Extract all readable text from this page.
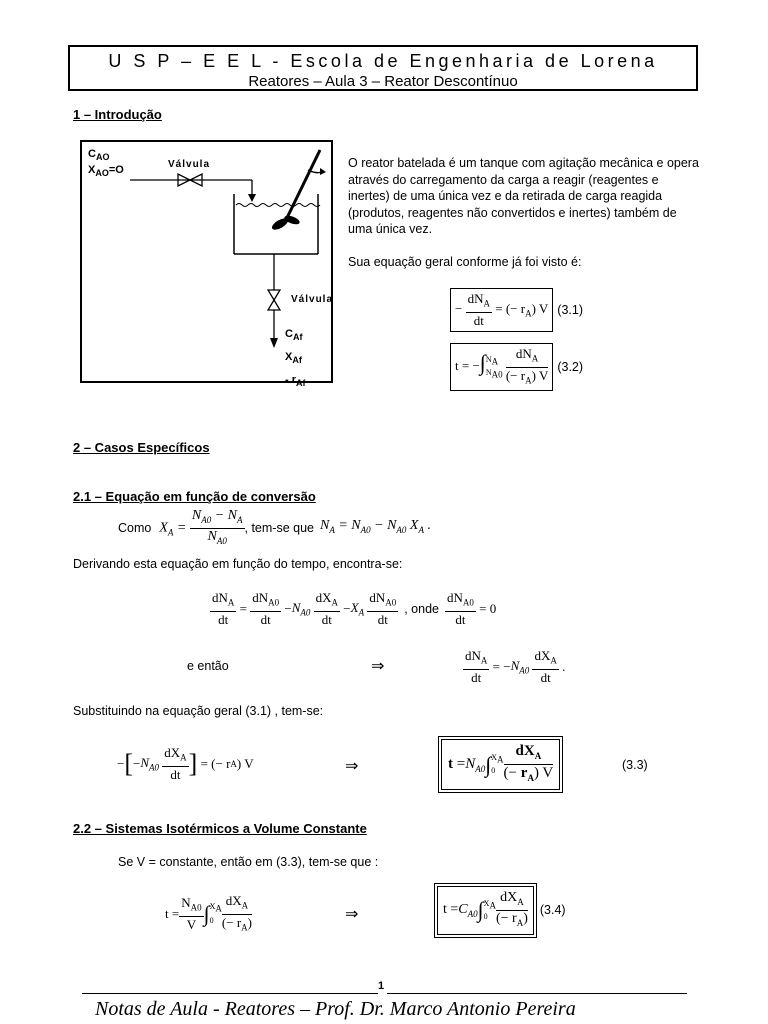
U S P – E E L - Escola de Engenharia de Lorena
Reatores – Aula 3 – Reator Descontínuo
1 – Introdução
$C_{AO}$
$X_{AO}=O$	Válvula
Válvula
$C_{Af}$
$X_{Af}$
- $r_{Af}$
O reator batelada é um tanque com agitação mecânica e opera através do carregamento da carga a reagir (reagentes e inertes) de uma única vez e da retirada de carga reagida (produtos, reagentes não convertidos e inertes) também de uma única vez.
Sua equação geral conforme já foi visto é:
− $\frac{dN_A}{dt}$ = (− $r_A$) V (3.1)
t = −∫ $N_A$
$N_{A0}$
$\frac{dN_A}{(- r_A) V} (3.2)$
2 – Casos Específicos
2.1 – Equação em função de conversão
Como $X_A = \frac{N_{A0} - N_A}{N_{A0}}$ , tem-se que $N_A = N_{A0} - N_{A0}$ $X_A$ .
Derivando esta equação em função do tempo, encontra-se:
$\frac{dN_A}{dt} = \frac{dN_{A0}}{dt} - N_{A0}$
$\frac{dX_A}{dt} - X_A$
$\frac{dN_{A0}}{dt}$ , onde $\frac{dN_{A0}}{dt} = 0$
e então	⇒	$\frac{dN_A}{dt}$ = − $N_{A0}$
$\frac{dX_A}{dt}$ .
Substituindo na equação geral (3.1) , tem-se:
− [ − $N_{A0}$
$\frac{dX_A}{dt}$ ] = (− r A ) V	⇒	$t = N_{A0}$ ∫ $X_A$
$0 \frac{dX_A}{(- r_A) V}$	(3.3)
2.2 – Sistemas Isotérmicos a Volume Constante
Se V = constante, então em (3.3), tem-se que :
$t = \frac{N_{A0}}{V}$ ∫ $X_A$
$0 \frac{dX_A}{(- r_A)}$	⇒	$t = C_{A0}$ ∫ $X_A$
$0 \frac{dX_A}{(- r_A)} (3.4)$
1
Notas de Aula - Reatores – Prof. Dr. Marco Antonio Pereira
